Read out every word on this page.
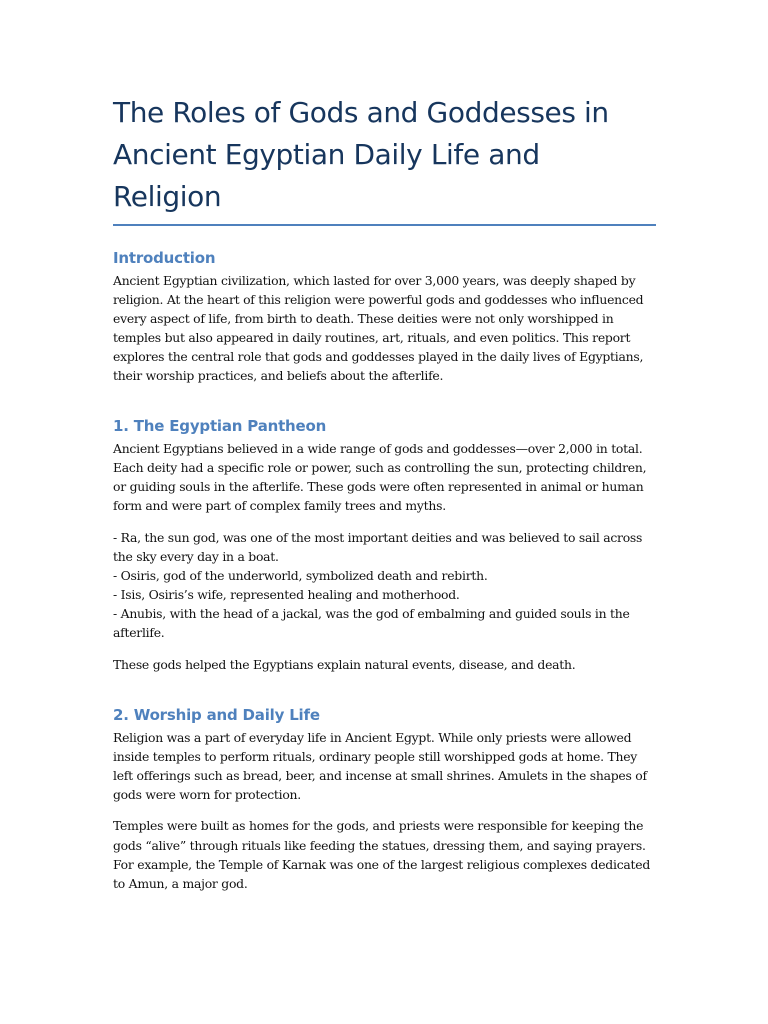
The Roles of Gods and Goddesses in Ancient Egyptian Daily Life and Religion
Introduction

Ancient Egyptian civilization, which lasted for over 3,000 years, was deeply shaped by religion. At the heart of this religion were powerful gods and goddesses who influenced every aspect of life, from birth to death. These deities were not only worshipped in temples but also appeared in daily routines, art, rituals, and even politics. This report explores the central role that gods and goddesses played in the daily lives of Egyptians, their worship practices, and beliefs about the afterlife.

1. The Egyptian Pantheon

Ancient Egyptians believed in a wide range of gods and goddesses—over 2,000 in total. Each deity had a specific role or power, such as controlling the sun, protecting children, or guiding souls in the afterlife. These gods were often represented in animal or human form and were part of complex family trees and myths.

- Ra, the sun god, was one of the most important deities and was believed to sail across the sky every day in a boat.
- Osiris, god of the underworld, symbolized death and rebirth.
- Isis, Osiris’s wife, represented healing and motherhood.
- Anubis, with the head of a jackal, was the god of embalming and guided souls in the afterlife.

These gods helped the Egyptians explain natural events, disease, and death.

2. Worship and Daily Life

Religion was a part of everyday life in Ancient Egypt. While only priests were allowed inside temples to perform rituals, ordinary people still worshipped gods at home. They left offerings such as bread, beer, and incense at small shrines. Amulets in the shapes of gods were worn for protection.

Temples were built as homes for the gods, and priests were responsible for keeping the gods “alive” through rituals like feeding the statues, dressing them, and saying prayers. For example, the Temple of Karnak was one of the largest religious complexes dedicated to Amun, a major god.
